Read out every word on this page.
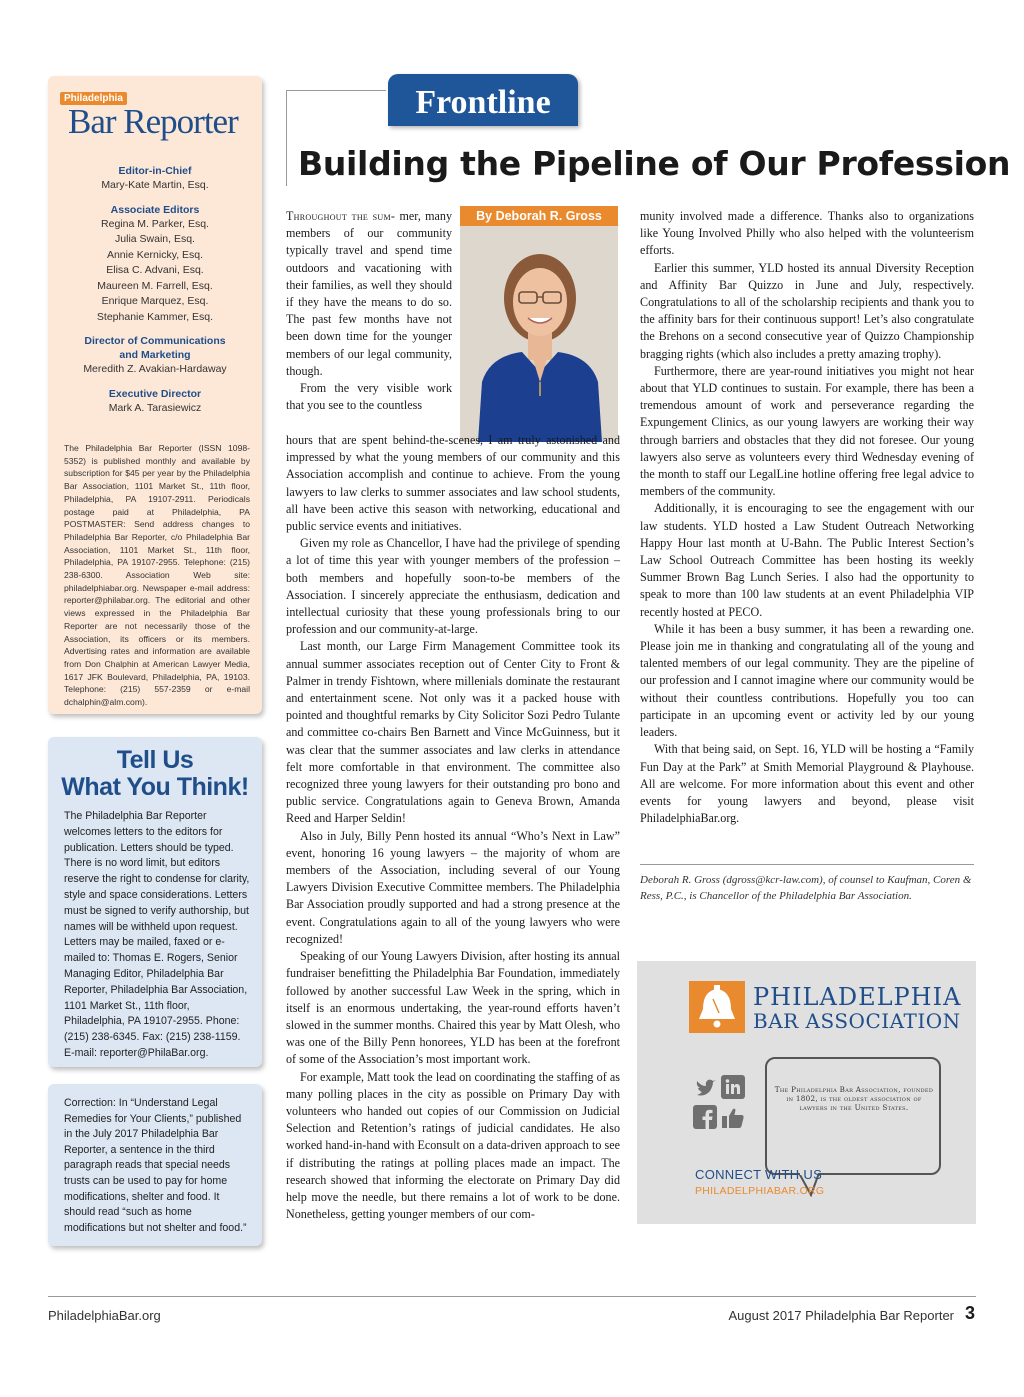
Philadelphia
Bar Reporter
Editor-in-Chief
Mary-Kate Martin, Esq.
Associate Editors
Regina M. Parker, Esq.
Julia Swain, Esq.
Annie Kernicky, Esq.
Elisa C. Advani, Esq.
Maureen M. Farrell, Esq.
Enrique Marquez, Esq.
Stephanie Kammer, Esq.
Director of Communications
and Marketing
Meredith Z. Avakian-Hardaway
Executive Director
Mark A. Tarasiewicz
The Philadelphia Bar Reporter (ISSN 1098-5352) is published monthly and available by subscription for $45 per year by the Philadelphia Bar Association, 1101 Market St., 11th floor, Philadelphia, PA 19107-2911. Periodicals postage paid at Philadelphia, PA POSTMASTER: Send address changes to Philadelphia Bar Reporter, c/o Philadelphia Bar Association, 1101 Market St., 11th floor, Philadelphia, PA 19107-2955. Telephone: (215) 238-6300. Association Web site: philadelphiabar.org. Newspaper e-mail address: reporter@philabar.org. The editorial and other views expressed in the Philadelphia Bar Reporter are not necessarily those of the Association, its officers or its members. Advertising rates and information are available from Don Chalphin at American Lawyer Media, 1617 JFK Boulevard, Philadelphia, PA, 19103. Telephone: (215) 557-2359 or e-mail dchalphin@alm.com).
Tell Us
What You Think!
The Philadelphia Bar Reporter welcomes letters to the editors for publication. Letters should be typed. There is no word limit, but editors reserve the right to condense for clarity, style and space considerations. Letters must be signed to verify authorship, but names will be withheld upon request. Letters may be mailed, faxed or e-mailed to: Thomas E. Rogers, Senior Managing Editor, Philadelphia Bar Reporter, Philadelphia Bar Association, 1101 Market St., 11th floor, Philadelphia, PA 19107-2955. Phone: (215) 238-6345. Fax: (215) 238-1159. E-mail: reporter@PhilaBar.org.
Correction: In “Understand Legal Remedies for Your Clients,” published in the July 2017 Philadelphia Bar Reporter, a sentence in the third paragraph reads that special needs trusts can be used to pay for home modifications, shelter and food. It should read “such as home modifications but not shelter and food.”
Frontline
Building the Pipeline of Our Profession
By Deborah R. Gross

Throughout the sum- mer, many members of our community typically travel and spend time outdoors and vacationing with their families, as well they should if they have the means to do so. The past few months have not been down time for the younger members of our legal community, though.

From the very visible work that you see to the countless

hours that are spent behind-the-scenes, I am truly astonished and impressed by what the young members of our community and this Association accomplish and continue to achieve. From the young lawyers to law clerks to summer associates and law school students, all have been active this season with networking, educational and public service events and initiatives.

Given my role as Chancellor, I have had the privilege of spending a lot of time this year with younger members of the profession – both members and hopefully soon-to-be members of the Association. I sincerely appreciate the enthusiasm, dedication and intellectual curiosity that these young professionals bring to our profession and our community-at-large.

Last month, our Large Firm Management Committee took its annual summer associates reception out of Center City to Front & Palmer in trendy Fishtown, where millenials dominate the restaurant and entertainment scene. Not only was it a packed house with pointed and thoughtful remarks by City Solicitor Sozi Pedro Tulante and committee co-chairs Ben Barnett and Vince McGuinness, but it was clear that the summer associates and law clerks in attendance felt more comfortable in that environment. The committee also recognized three young lawyers for their outstanding pro bono and public service. Congratulations again to Geneva Brown, Amanda Reed and Harper Seldin!

Also in July, Billy Penn hosted its annual “Who’s Next in Law” event, honoring 16 young lawyers – the majority of whom are members of the Association, including several of our Young Lawyers Division Executive Committee members. The Philadelphia Bar Association proudly supported and had a strong presence at the event. Congratulations again to all of the young lawyers who were recognized!

Speaking of our Young Lawyers Division, after hosting its annual fundraiser benefitting the Philadelphia Bar Foundation, immediately followed by another successful Law Week in the spring, which in itself is an enormous undertaking, the year-round efforts haven’t slowed in the summer months. Chaired this year by Matt Olesh, who was one of the Billy Penn honorees, YLD has been at the forefront of some of the Association’s most important work.

For example, Matt took the lead on coordinating the staffing of as many polling places in the city as possible on Primary Day with volunteers who handed out copies of our Commission on Judicial Selection and Retention’s ratings of judicial candidates. He also worked hand-in-hand with Econsult on a data-driven approach to see if distributing the ratings at polling places made an impact. The research showed that informing the electorate on Primary Day did help move the needle, but there remains a lot of work to be done. Nonetheless, getting younger members of our com-

munity involved made a difference. Thanks also to organizations like Young Involved Philly who also helped with the volunteerism efforts.

Earlier this summer, YLD hosted its annual Diversity Reception and Affinity Bar Quizzo in June and July, respectively. Congratulations to all of the scholarship recipients and thank you to the affinity bars for their continuous support! Let’s also congratulate the Brehons on a second consecutive year of Quizzo Championship bragging rights (which also includes a pretty amazing trophy).

Furthermore, there are year-round initiatives you might not hear about that YLD continues to sustain. For example, there has been a tremendous amount of work and perseverance regarding the Expungement Clinics, as our young lawyers are working their way through barriers and obstacles that they did not foresee. Our young lawyers also serve as volunteers every third Wednesday evening of the month to staff our LegalLine hotline offering free legal advice to members of the community.

Additionally, it is encouraging to see the engagement with our law students. YLD hosted a Law Student Outreach Networking Happy Hour last month at U-Bahn. The Public Interest Section’s Law School Outreach Committee has been hosting its weekly Summer Brown Bag Lunch Series. I also had the opportunity to speak to more than 100 law students at an event Philadelphia VIP recently hosted at PECO.

While it has been a busy summer, it has been a rewarding one. Please join me in thanking and congratulating all of the young and talented members of our legal community. They are the pipeline of our profession and I cannot imagine where our community would be without their countless contributions. Hopefully you too can participate in an upcoming event or activity led by our young leaders.

With that being said, on Sept. 16, YLD will be hosting a “Family Fun Day at the Park” at Smith Memorial Playground & Playhouse. All are welcome. For more information about this event and other events for young lawyers and beyond, please visit PhiladelphiaBar.org.

Deborah R. Gross (dgross@kcr-law.com), of counsel to Kaufman, Coren & Ress, P.C., is Chancellor of the Philadelphia Bar Association.
PHILADELPHIA
BAR ASSOCIATION
The Philadelphia Bar Association, founded in 1802, is the oldest association of lawyers in the United States.
CONNECT WITH US
PHILADELPHIABAR.ORG
PhiladelphiaBar.org	August 2017 Philadelphia Bar Reporter 3
